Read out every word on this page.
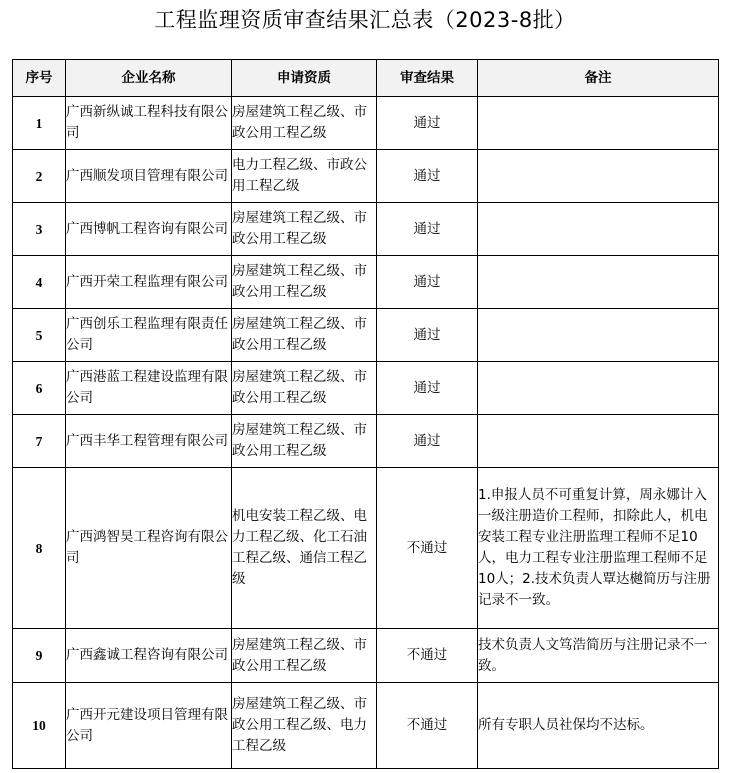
工程监理资质审查结果汇总表（2023-8批）
序号	企业名称	申请资质	审查结果	备注
1	广西新纵诚工程科技有限公司	房屋建筑工程乙级、市政公用工程乙级	通过	
2	广西顺发项目管理有限公司	电力工程乙级、市政公用工程乙级	通过	
3	广西博帆工程咨询有限公司	房屋建筑工程乙级、市政公用工程乙级	通过	
4	广西开荣工程监理有限公司	房屋建筑工程乙级、市政公用工程乙级	通过	
5	广西创乐工程监理有限责任公司	房屋建筑工程乙级、市政公用工程乙级	通过	
6	广西港蓝工程建设监理有限公司	房屋建筑工程乙级、市政公用工程乙级	通过	
7	广西丰华工程管理有限公司	房屋建筑工程乙级、市政公用工程乙级	通过	
8	广西鸿智昊工程咨询有限公司	机电安装工程乙级、电力工程乙级、化工石油工程乙级、通信工程乙级	不通过	1.申报人员不可重复计算，周永娜计入一级注册造价工程师，扣除此人，机电安装工程专业注册监理工程师不足10人，电力工程专业注册监理工程师不足10人；2.技术负责人覃达樾简历与注册记录不一致。
9	广西鑫诚工程咨询有限公司	房屋建筑工程乙级、市政公用工程乙级	不通过	技术负责人文笃浩简历与注册记录不一致。
10	广西开元建设项目管理有限公司	房屋建筑工程乙级、市政公用工程乙级、电力工程乙级	不通过	所有专职人员社保均不达标。
